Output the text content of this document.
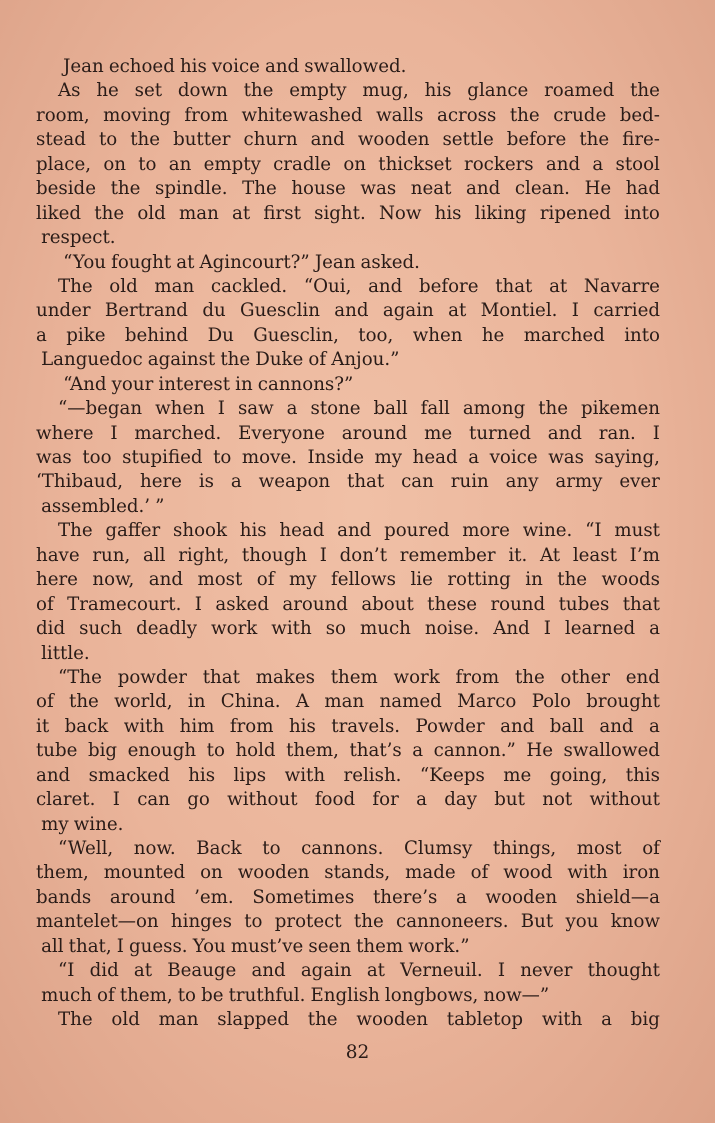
Jean echoed his voice and swallowed.
As he set down the empty mug, his glance roamed the
room, moving from whitewashed walls across the crude bed-
stead to the butter churn and wooden settle before the fire-
place, on to an empty cradle on thickset rockers and a stool
beside the spindle. The house was neat and clean. He had
liked the old man at first sight. Now his liking ripened into
respect.
“You fought at Agincourt?” Jean asked.
The old man cackled. “Oui, and before that at Navarre
under Bertrand du Guesclin and again at Montiel. I carried
a pike behind Du Guesclin, too, when he marched into
Languedoc against the Duke of Anjou.”
“And your interest in cannons?”
“—began when I saw a stone ball fall among the pikemen
where I marched. Everyone around me turned and ran. I
was too stupified to move. Inside my head a voice was saying,
‘Thibaud, here is a weapon that can ruin any army ever
assembled.’ ”
The gaffer shook his head and poured more wine. “I must
have run, all right, though I don’t remember it. At least I’m
here now, and most of my fellows lie rotting in the woods
of Tramecourt. I asked around about these round tubes that
did such deadly work with so much noise. And I learned a
little.
“The powder that makes them work from the other end
of the world, in China. A man named Marco Polo brought
it back with him from his travels. Powder and ball and a
tube big enough to hold them, that’s a cannon.” He swallowed
and smacked his lips with relish. “Keeps me going, this
claret. I can go without food for a day but not without
my wine.
“Well, now. Back to cannons. Clumsy things, most of
them, mounted on wooden stands, made of wood with iron
bands around ’em. Sometimes there’s a wooden shield—a
mantelet—on hinges to protect the cannoneers. But you know
all that, I guess. You must’ve seen them work.”
“I did at Beauge and again at Verneuil. I never thought
much of them, to be truthful. English longbows, now—”
The old man slapped the wooden tabletop with a big
82
